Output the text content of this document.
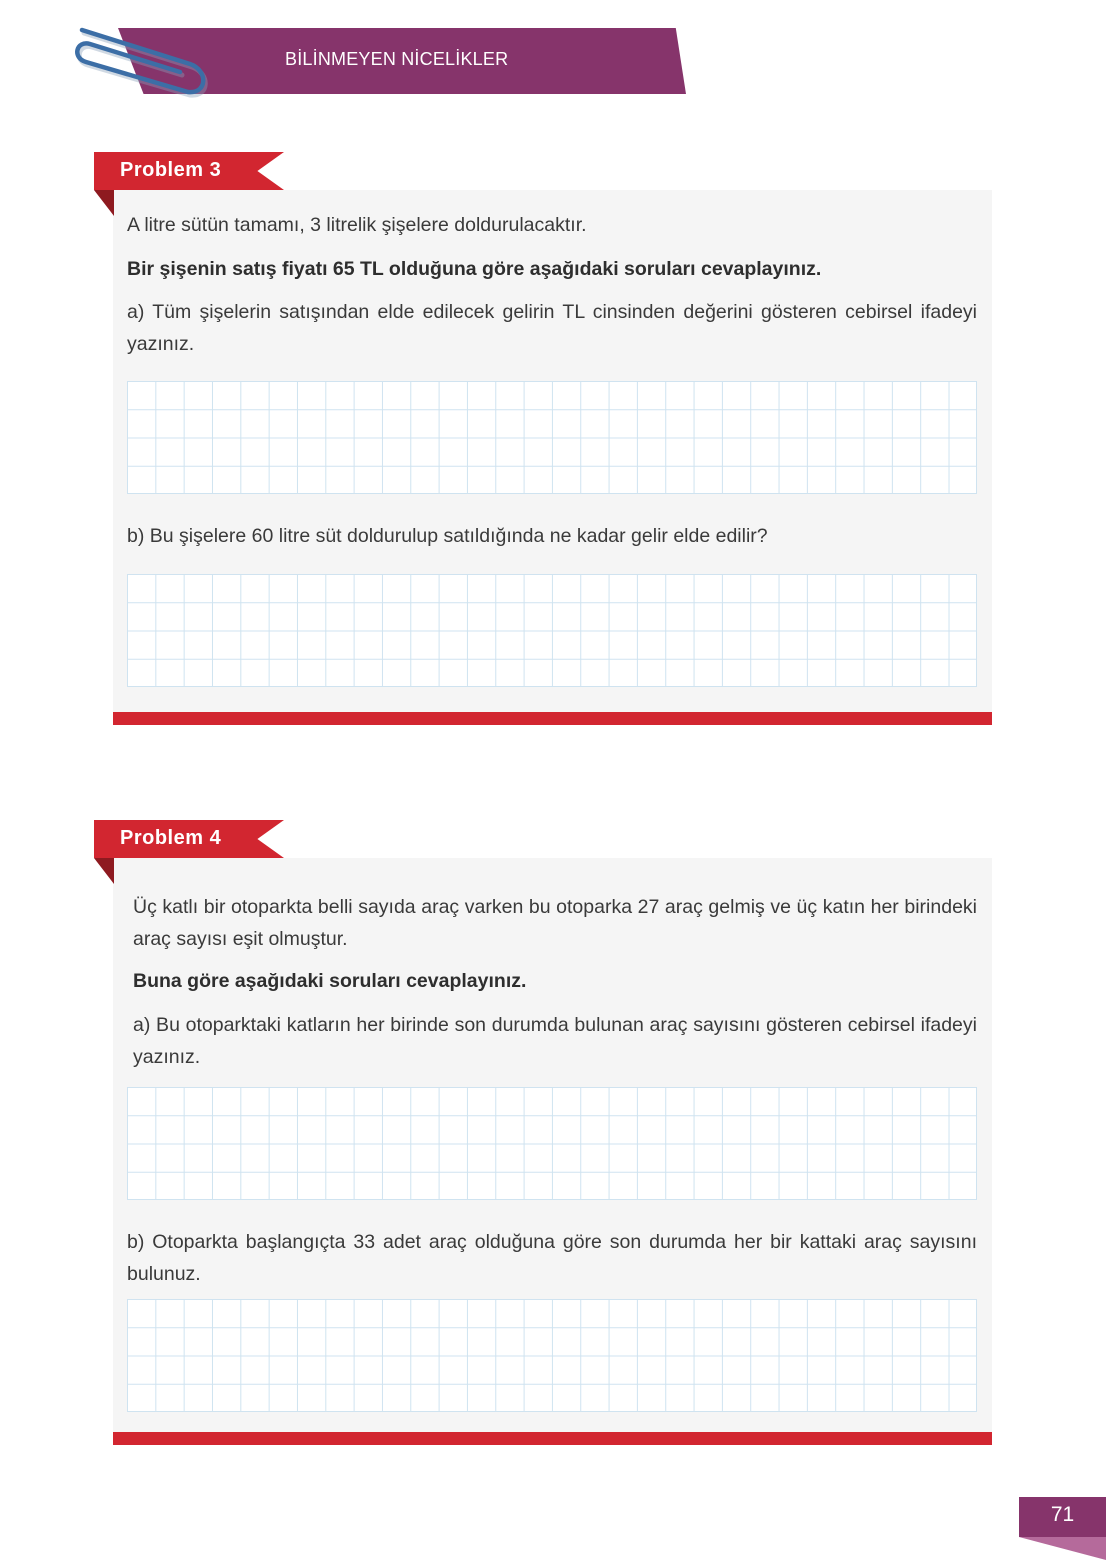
BİLİNMEYEN NİCELİKLER
Problem 3
A litre sütün tamamı, 3 litrelik şişelere doldurulacaktır.
Bir şişenin satış fiyatı 65 TL olduğuna göre aşağıdaki soruları cevaplayınız.
a) Tüm şişelerin satışından elde edilecek gelirin TL cinsinden değerini gösteren cebirsel ifadeyi yazınız.
b) Bu şişelere 60 litre süt doldurulup satıldığında ne kadar gelir elde edilir?
Problem 4
Üç katlı bir otoparkta belli sayıda araç varken bu otoparka 27 araç gelmiş ve üç katın her birindeki araç sayısı eşit olmuştur.
Buna göre aşağıdaki soruları cevaplayınız.
a) Bu otoparktaki katların her birinde son durumda bulunan araç sayısını gösteren cebirsel ifadeyi yazınız.
b) Otoparkta başlangıçta 33 adet araç olduğuna göre son durumda her bir kattaki araç sayısını bulunuz.
71
